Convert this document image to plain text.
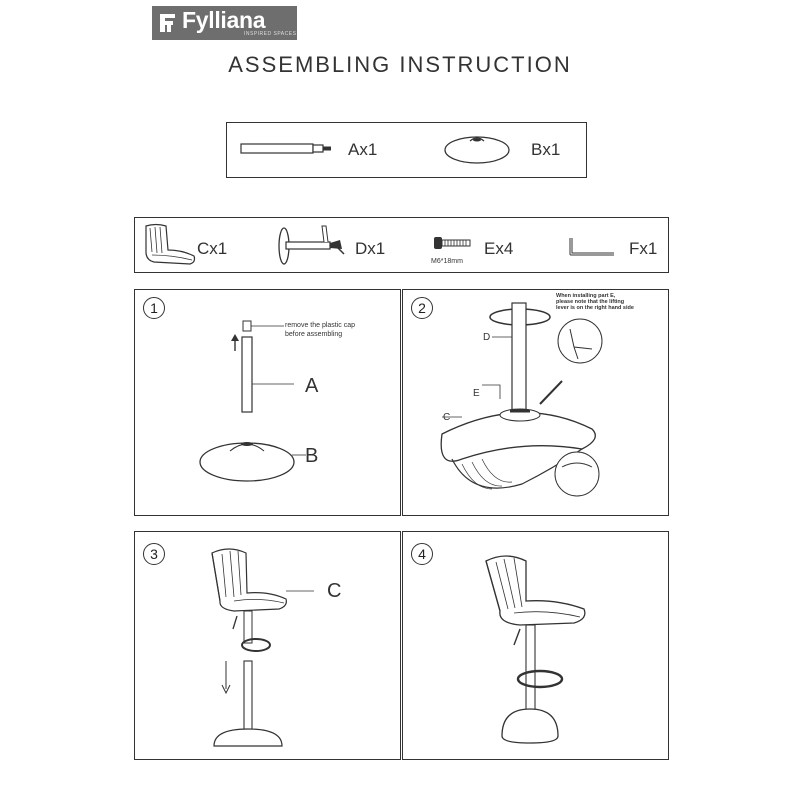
Fylliana
INSPIRED SPACES
ASSEMBLING INSTRUCTION
Ax1	Bx1
Cx1	Dx1
M6*18mm
Ex4	Fx1
1
remove the plastic cap
before assembling
A
B
2
When installing part E,
please note that the lifting
lever is on the right hand side
D
E
C
3
C
4
